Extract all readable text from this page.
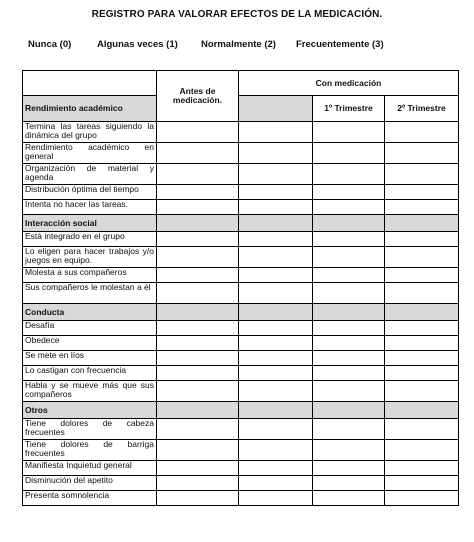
REGISTRO PARA VALORAR EFECTOS DE LA MEDICACIÓN.
Nunca (0)	Algunas veces (1) Normalmente (2) Frecuentemente (3)
	Antes de medicación.	Con medicación			
Rendimiento académico			1º Trimestre	2º Trimestre	

Termina las tareas siguiendo la dinámica del grupo					

Rendimiento académico en general					

Organización de material y agenda					

Distribución óptima del tiempo					

Intenta no hacer las tareas.					

Interacción social					

Está integrado en el grupo					

Lo eligen para hacer trabajos y/o juegos en equipo.					

Molesta a sus compañeros					

Sus compañeros le molestan a él					

Conducta					

Desafía					

Obedece					

Se mete en líos					

Lo castigan con frecuencia					

Habla y se mueve más que sus compañeros					

Otros					

Tiene dolores de cabeza frecuentes					

Tiene dolores de barriga frecuentes					

Manifiesta Inquietud general					

Disminución del apetito					

Presenta somnolencia					
